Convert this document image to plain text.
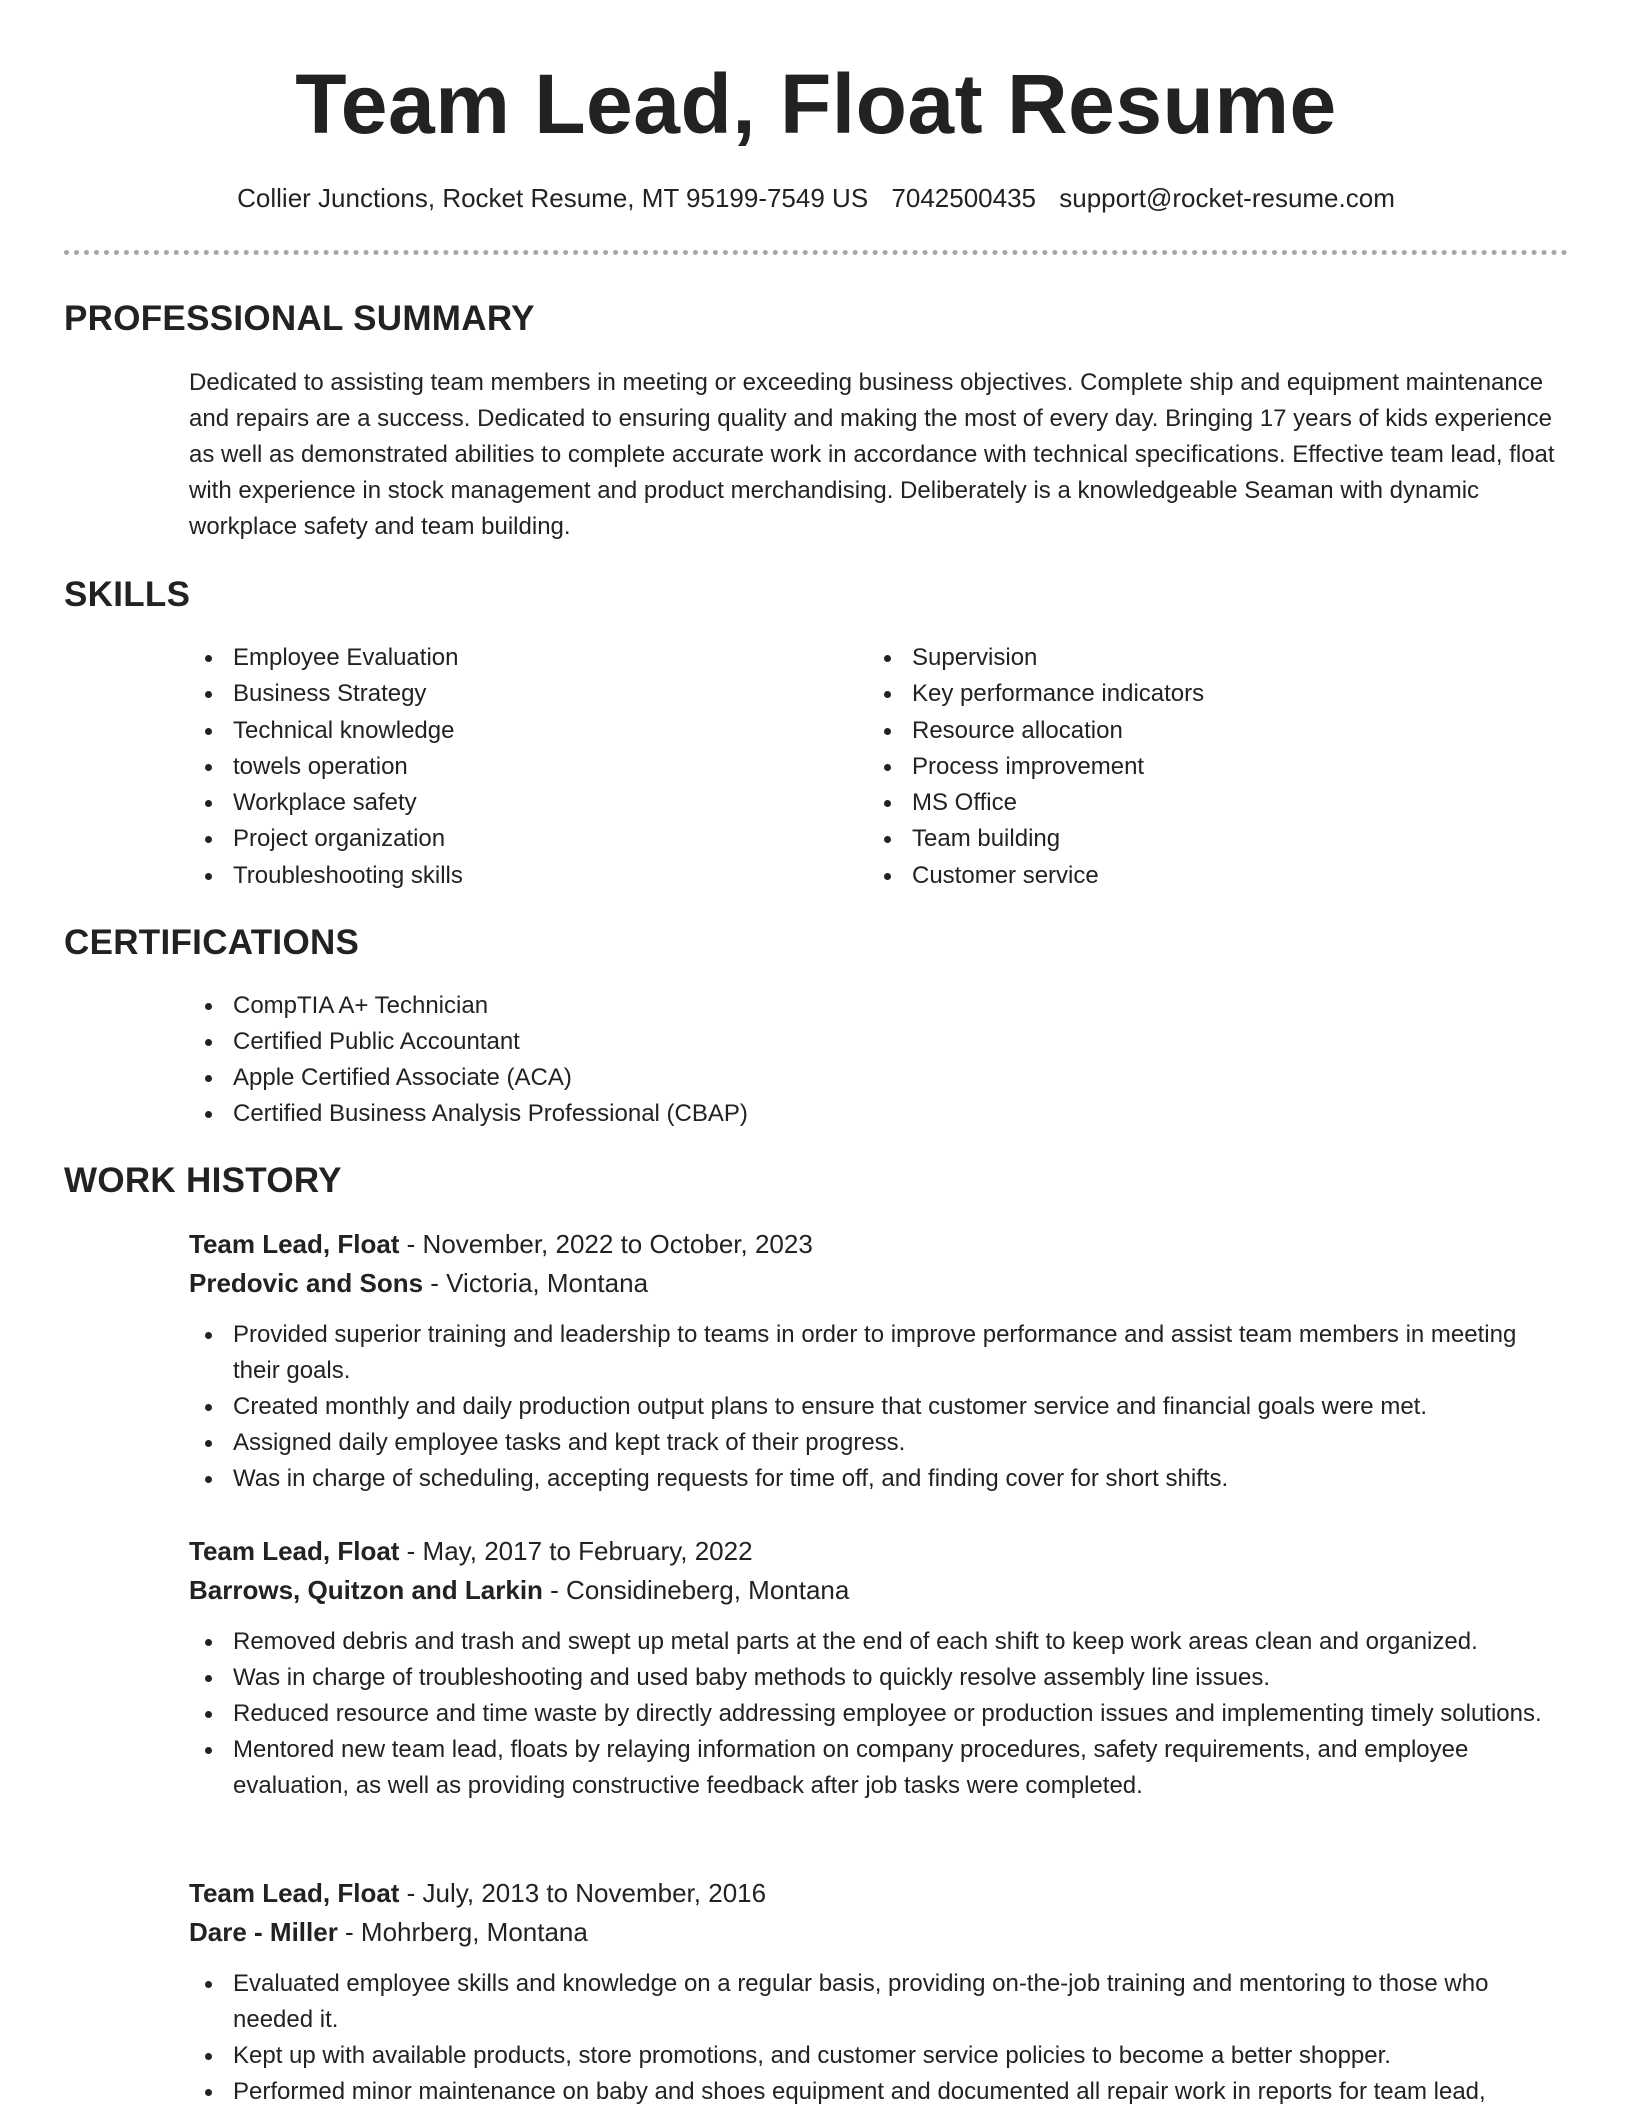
Team Lead, Float Resume
Collier Junctions, Rocket Resume, MT 95199-7549 US 7042500435 support@rocket-resume.com
PROFESSIONAL SUMMARY

Dedicated to assisting team members in meeting or exceeding business objectives. Complete ship and equipment maintenance and repairs are a success. Dedicated to ensuring quality and making the most of every day. Bringing 17 years of kids experience as well as demonstrated abilities to complete accurate work in accordance with technical specifications. Effective team lead, float with experience in stock management and product merchandising. Deliberately is a knowledgeable Seaman with dynamic workplace safety and team building.

SKILLS
Employee Evaluation
Business Strategy
Technical knowledge
towels operation
Workplace safety
Project organization
Troubleshooting skills
Supervision
Key performance indicators
Resource allocation
Process improvement
MS Office
Team building
Customer service
CERTIFICATIONS
CompTIA A+ Technician
Certified Public Accountant
Apple Certified Associate (ACA)
Certified Business Analysis Professional (CBAP)
WORK HISTORY
Team Lead, Float - November, 2022 to October, 2023
Predovic and Sons - Victoria, Montana
Provided superior training and leadership to teams in order to improve performance and assist team members in meeting their goals.
Created monthly and daily production output plans to ensure that customer service and financial goals were met.
Assigned daily employee tasks and kept track of their progress.
Was in charge of scheduling, accepting requests for time off, and finding cover for short shifts.
Team Lead, Float - May, 2017 to February, 2022
Barrows, Quitzon and Larkin - Considineberg, Montana
Removed debris and trash and swept up metal parts at the end of each shift to keep work areas clean and organized.
Was in charge of troubleshooting and used baby methods to quickly resolve assembly line issues.
Reduced resource and time waste by directly addressing employee or production issues and implementing timely solutions.
Mentored new team lead, floats by relaying information on company procedures, safety requirements, and employee evaluation, as well as providing constructive feedback after job tasks were completed.
Team Lead, Float - July, 2013 to November, 2016
Dare - Miller - Mohrberg, Montana
Evaluated employee skills and knowledge on a regular basis, providing on-the-job training and mentoring to those who needed it.
Kept up with available products, store promotions, and customer service policies to become a better shopper.
Performed minor maintenance on baby and shoes equipment and documented all repair work in reports for team lead,
